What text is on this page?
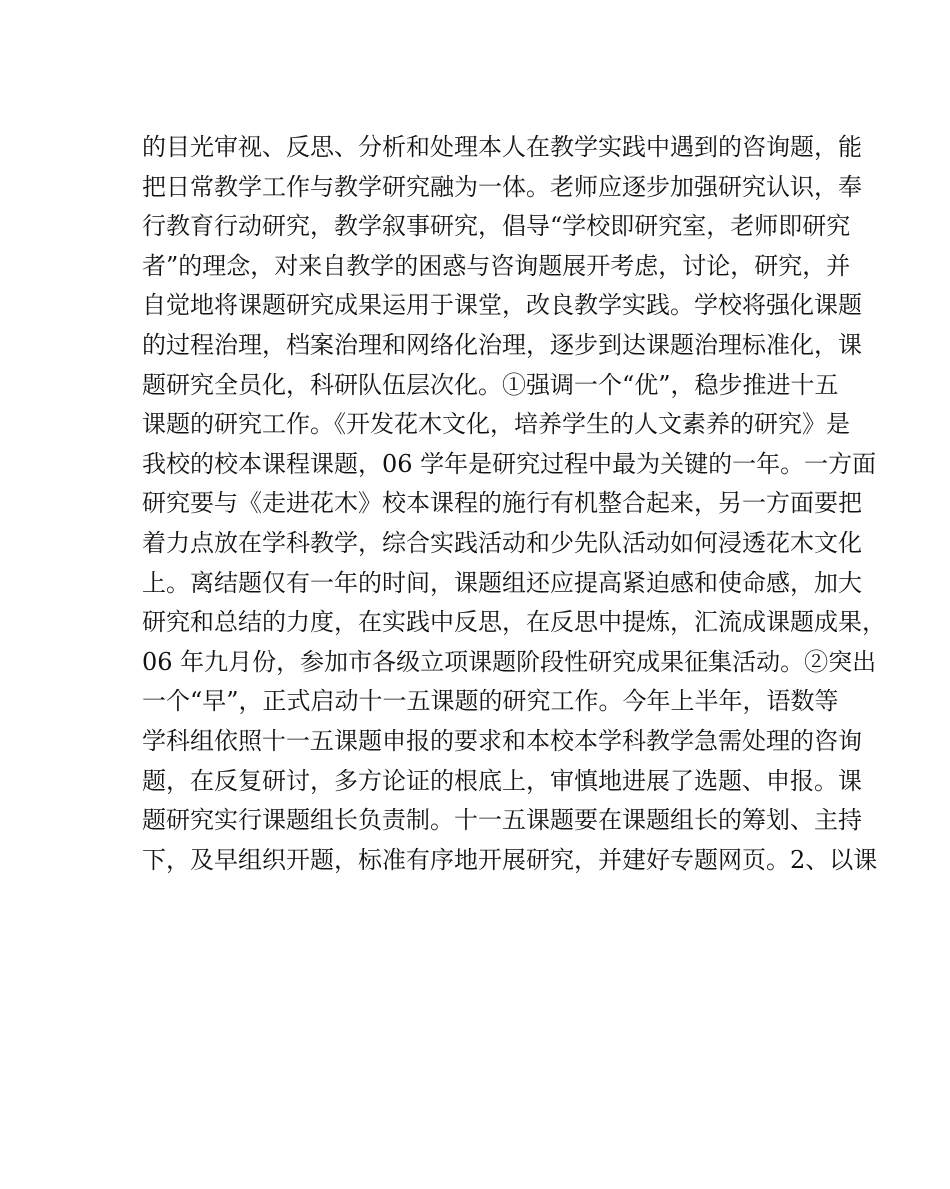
的目光审视、反思、分析和处理本人在教学实践中遇到的咨询题，能
把日常教学工作与教学研究融为一体。老师应逐步加强研究认识，奉
行教育行动研究，教学叙事研究，倡导“学校即研究室，老师即研究
者”的理念，对来自教学的困惑与咨询题展开考虑，讨论，研究，并
自觉地将课题研究成果运用于课堂，改良教学实践。学校将强化课题
的过程治理，档案治理和网络化治理，逐步到达课题治理标准化，课
题研究全员化，科研队伍层次化。①强调一个“优”，稳步推进十五
课题的研究工作。《开发花木文化，培养学生的人文素养的研究》是
我校的校本课程课题，06 学年是研究过程中最为关键的一年。一方面
研究要与《走进花木》校本课程的施行有机整合起来，另一方面要把
着力点放在学科教学，综合实践活动和少先队活动如何浸透花木文化
上。离结题仅有一年的时间，课题组还应提高紧迫感和使命感，加大
研究和总结的力度，在实践中反思，在反思中提炼，汇流成课题成果，
06 年九月份，参加市各级立项课题阶段性研究成果征集活动。②突出
一个“早”，正式启动十一五课题的研究工作。今年上半年，语数等
学科组依照十一五课题申报的要求和本校本学科教学急需处理的咨询
题，在反复研讨，多方论证的根底上，审慎地进展了选题、申报。课
题研究实行课题组长负责制。十一五课题要在课题组长的筹划、主持
下，及早组织开题，标准有序地开展研究，并建好专题网页。2、以课
